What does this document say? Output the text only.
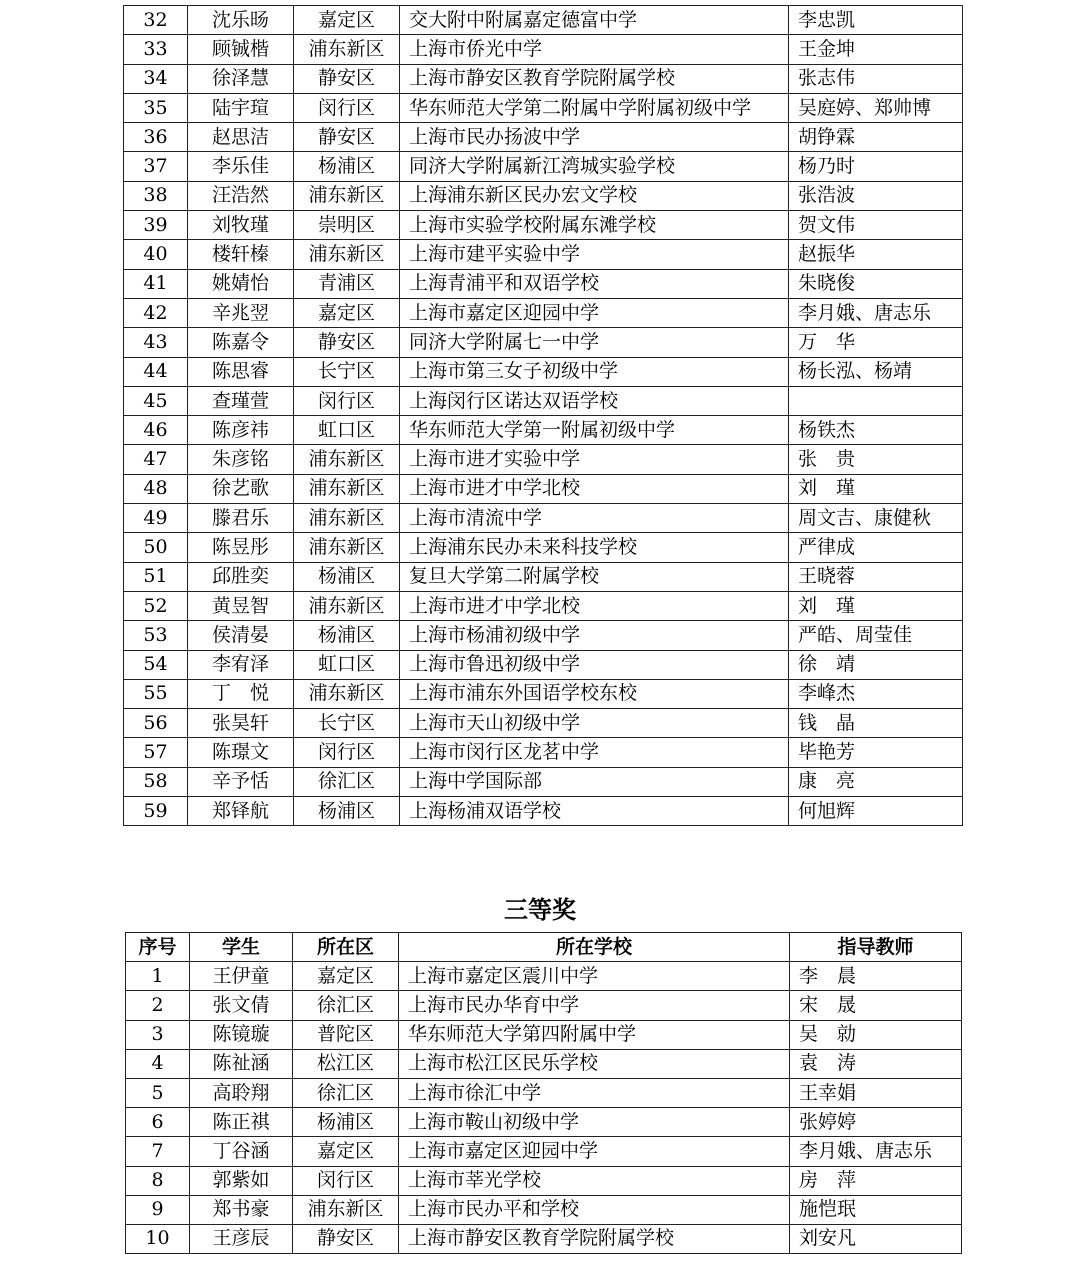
32	沈乐旸	嘉定区	交大附中附属嘉定德富中学	李忠凯
33	顾铖楷	浦东新区	上海市侨光中学	王金坤
34	徐泽慧	静安区	上海市静安区教育学院附属学校	张志伟
35	陆宇瑄	闵行区	华东师范大学第二附属中学附属初级中学	吴庭婷、郑帅博
36	赵思洁	静安区	上海市民办扬波中学	胡铮霖
37	李乐佳	杨浦区	同济大学附属新江湾城实验学校	杨乃时
38	汪浩然	浦东新区	上海浦东新区民办宏文学校	张浩波
39	刘牧瑾	崇明区	上海市实验学校附属东滩学校	贺文伟
40	楼轩榛	浦东新区	上海市建平实验中学	赵振华
41	姚婧怡	青浦区	上海青浦平和双语学校	朱晓俊
42	辛兆翌	嘉定区	上海市嘉定区迎园中学	李月娥、唐志乐
43	陈嘉令	静安区	同济大学附属七一中学	万　华
44	陈思睿	长宁区	上海市第三女子初级中学	杨长泓、杨靖
45	查瑾萱	闵行区	上海闵行区诺达双语学校	
46	陈彦祎	虹口区	华东师范大学第一附属初级中学	杨铁杰
47	朱彦铭	浦东新区	上海市进才实验中学	张　贵
48	徐艺歌	浦东新区	上海市进才中学北校	刘　瑾
49	滕君乐	浦东新区	上海市清流中学	周文吉、康健秋
50	陈昱彤	浦东新区	上海浦东民办未来科技学校	严律成
51	邱胜奕	杨浦区	复旦大学第二附属学校	王晓蓉
52	黄昱智	浦东新区	上海市进才中学北校	刘　瑾
53	侯清晏	杨浦区	上海市杨浦初级中学	严皓、周莹佳
54	李宥泽	虹口区	上海市鲁迅初级中学	徐　靖
55	丁　悦	浦东新区	上海市浦东外国语学校东校	李峰杰
56	张昊轩	长宁区	上海市天山初级中学	钱　晶
57	陈璟文	闵行区	上海市闵行区龙茗中学	毕艳芳
58	辛予恬	徐汇区	上海中学国际部	康　亮
59	郑铎航	杨浦区	上海杨浦双语学校	何旭辉
三等奖
序号	学生	所在区	所在学校	指导教师
1	王伊童	嘉定区	上海市嘉定区震川中学	李　晨
2	张文倩	徐汇区	上海市民办华育中学	宋　晟
3	陈镜璇	普陀区	华东师范大学第四附属中学	吴　勍
4	陈祉涵	松江区	上海市松江区民乐学校	袁　涛
5	高聆翔	徐汇区	上海市徐汇中学	王幸娟
6	陈正祺	杨浦区	上海市鞍山初级中学	张婷婷
7	丁谷涵	嘉定区	上海市嘉定区迎园中学	李月娥、唐志乐
8	郭紫如	闵行区	上海市莘光学校	房　萍
9	郑书豪	浦东新区	上海市民办平和学校	施恺珉
10	王彦辰	静安区	上海市静安区教育学院附属学校	刘安凡
